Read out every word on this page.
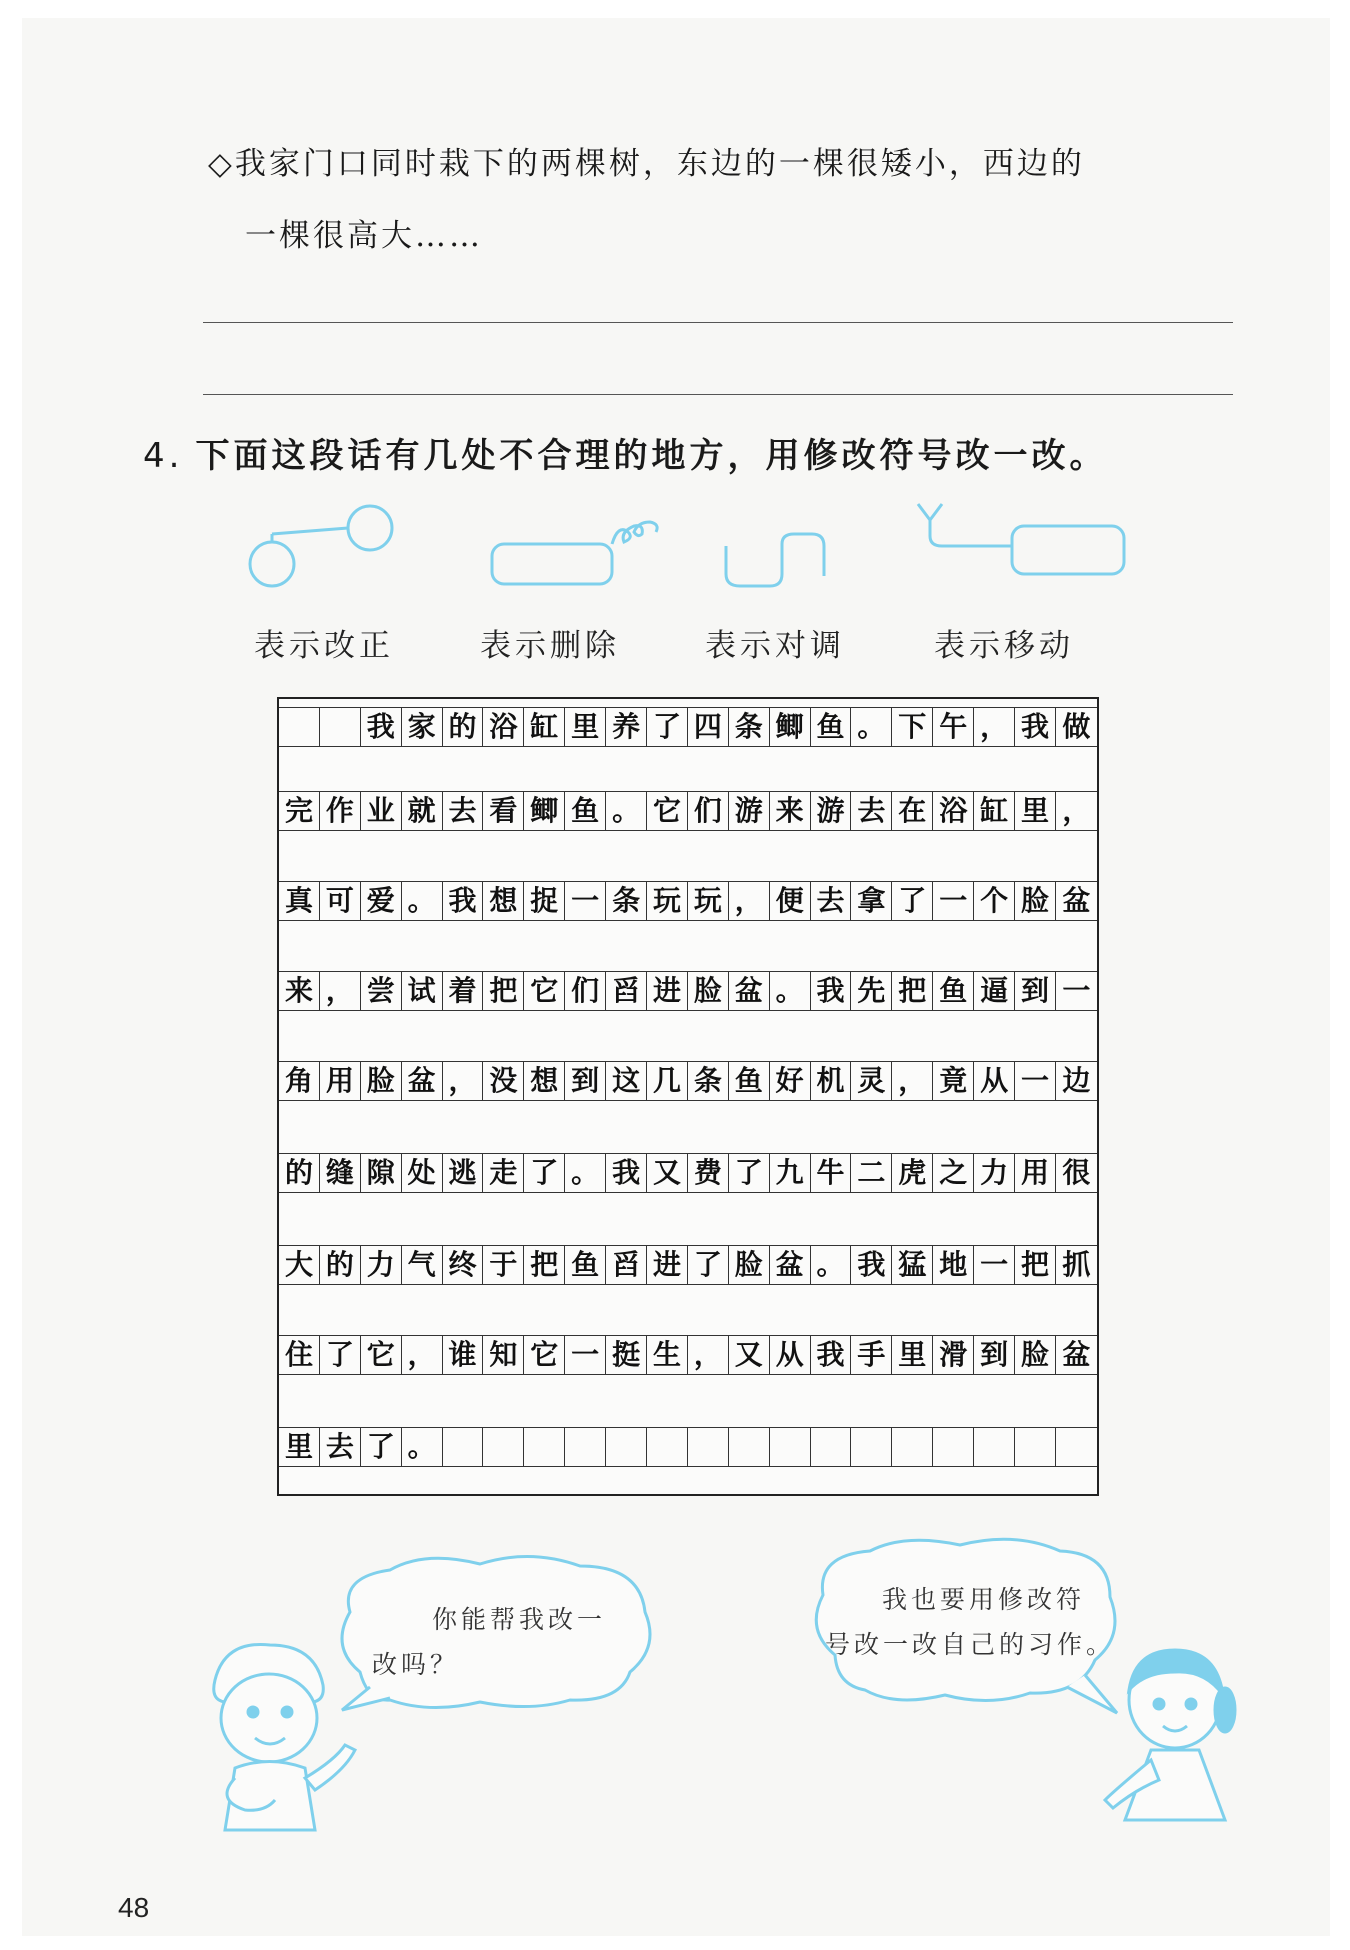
◇我家门口同时栽下的两棵树，东边的一棵很矮小，西边的
一棵很高大……
4. 下面这段话有几处不合理的地方，用修改符号改一改。
表示改正	表示删除	表示对调	表示移动
我 家 的 浴 缸 里 养 了 四 条 鲫 鱼 。 下 午 ， 我 做
完 作 业 就 去 看 鲫 鱼 。 它 们 游 来 游 去 在 浴 缸 里 ，
真 可 爱 。 我 想 捉 一 条 玩 玩 ， 便 去 拿 了 一 个 脸 盆
来 ， 尝 试 着 把 它 们 舀 进 脸 盆 。 我 先 把 鱼 逼 到 一
角 用 脸 盆 ， 没 想 到 这 几 条 鱼 好 机 灵 ， 竟 从 一 边
的 缝 隙 处 逃 走 了 。 我 又 费 了 九 牛 二 虎 之 力 用 很
大 的 力 气 终 于 把 鱼 舀 进 了 脸 盆 。 我 猛 地 一 把 抓
住 了 它 ， 谁 知 它 一 挺 生 ， 又 从 我 手 里 滑 到 脸 盆
里 去 了 。
你能帮我改一
改吗？
我也要用修改符
号改一改自己的习作。
48
